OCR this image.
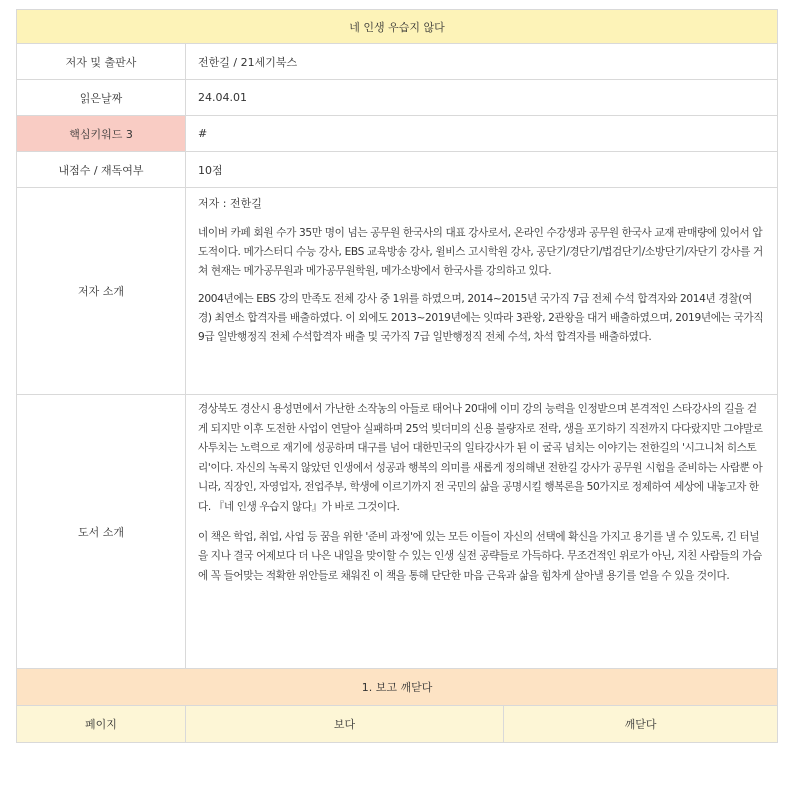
네 인생 우습지 않다		
저자 및 출판사	전한길 / 21세기북스	
읽은날짜	24.04.01	
핵심키워드 3	#	
내점수 / 재독여부	10점	
저자 소개	저자 : 전한길

네이버 카페 회원 수가 35만 명이 넘는 공무원 한국사의 대표 강사로서, 온라인 수강생과 공무원 한국사 교재 판매량에 있어서 압도적이다. 메가스터디 수능 강사, EBS 교육방송 강사, 윌비스 고시학원 강사, 공단기/경단기/법검단기/소방단기/자단기 강사를 거쳐 현재는 메가공무원과 메가공무원학원, 메가소방에서 한국사를 강의하고 있다.

2004년에는 EBS 강의 만족도 전체 강사 중 1위를 하였으며, 2014~2015년 국가직 7급 전체 수석 합격자와 2014년 경찰(여경) 최연소 합격자를 배출하였다. 이 외에도 2013~2019년에는 잇따라 3관왕, 2관왕을 대거 배출하였으며, 2019년에는 국가직 9급 일반행정직 전체 수석합격자 배출 및 국가직 7급 일반행정직 전체 수석, 차석 합격자를 배출하였다.	

도서 소개	경상북도 경산시 용성면에서 가난한 소작농의 아들로 태어나 20대에 이미 강의 능력을 인정받으며 본격적인 스타강사의 길을 걷게 되지만 이후 도전한 사업이 연달아 실패하며 25억 빚더미의 신용 불량자로 전락, 생을 포기하기 직전까지 다다랐지만 그야말로 사투치는 노력으로 재기에 성공하며 대구를 넘어 대한민국의 일타강사가 된 이 굴곡 넘치는 이야기는 전한길의 '시그니처 히스토리'이다. 자신의 녹록지 않았던 인생에서 성공과 행복의 의미를 새롭게 정의해낸 전한길 강사가 공무원 시험을 준비하는 사람뿐 아니라, 직장인, 자영업자, 전업주부, 학생에 이르기까지 전 국민의 삶을 공명시킬 행복론을 50가지로 정제하여 세상에 내놓고자 한다. 『네 인생 우습지 않다』가 바로 그것이다.

이 책은 학업, 취업, 사업 등 꿈을 위한 '준비 과정'에 있는 모든 이들이 자신의 선택에 확신을 가지고 용기를 낼 수 있도록, 긴 터널을 지나 결국 어제보다 더 나은 내일을 맞이할 수 있는 인생 실전 공략들로 가득하다. 무조건적인 위로가 아닌, 지친 사람들의 가슴에 꼭 들어맞는 적확한 위안들로 채워진 이 책을 통해 단단한 마음 근육과 삶을 힘차게 살아낼 용기를 얻을 수 있을 것이다.	

1. 보고 깨닫다		
페이지	보다	깨닫다
